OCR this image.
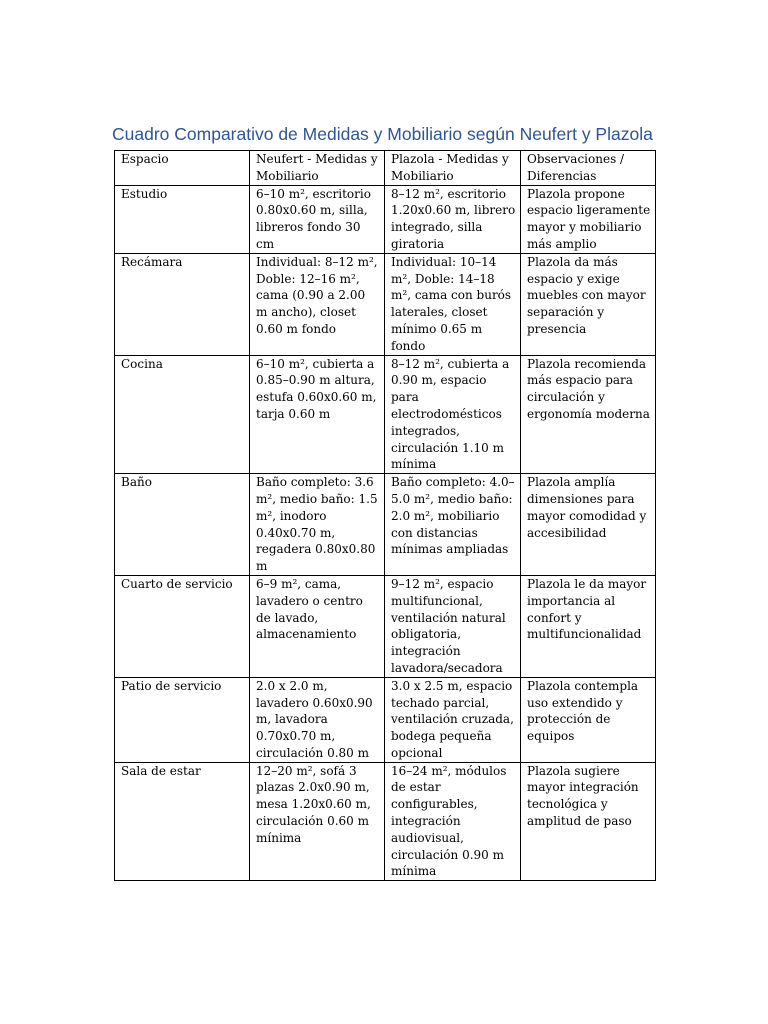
Cuadro Comparativo de Medidas y Mobiliario según Neufert y Plazola
Espacio	Neufert - Medidas y Mobiliario	Plazola - Medidas y Mobiliario	Observaciones / Diferencias
Estudio	6–10 m², escritorio 0.80x0.60 m, silla, libreros fondo 30 cm	8–12 m², escritorio 1.20x0.60 m, librero integrado, silla giratoria	Plazola propone espacio ligeramente mayor y mobiliario más amplio
Recámara	Individual: 8–12 m², Doble: 12–16 m², cama (0.90 a 2.00 m ancho), closet 0.60 m fondo	Individual: 10–14 m², Doble: 14–18 m², cama con burós laterales, closet mínimo 0.65 m fondo	Plazola da más espacio y exige muebles con mayor separación y presencia
Cocina	6–10 m², cubierta a 0.85–0.90 m altura, estufa 0.60x0.60 m, tarja 0.60 m	8–12 m², cubierta a 0.90 m, espacio para electrodomésticos integrados, circulación 1.10 m mínima	Plazola recomienda más espacio para circulación y ergonomía moderna
Baño	Baño completo: 3.6 m², medio baño: 1.5 m², inodoro 0.40x0.70 m, regadera 0.80x0.80 m	Baño completo: 4.0–5.0 m², medio baño: 2.0 m², mobiliario con distancias mínimas ampliadas	Plazola amplía dimensiones para mayor comodidad y accesibilidad
Cuarto de servicio	6–9 m², cama, lavadero o centro de lavado, almacenamiento	9–12 m², espacio multifuncional, ventilación natural obligatoria, integración lavadora/secadora	Plazola le da mayor importancia al confort y multifuncionalidad
Patio de servicio	2.0 x 2.0 m, lavadero 0.60x0.90 m, lavadora 0.70x0.70 m, circulación 0.80 m	3.0 x 2.5 m, espacio techado parcial, ventilación cruzada, bodega pequeña opcional	Plazola contempla uso extendido y protección de equipos
Sala de estar	12–20 m², sofá 3 plazas 2.0x0.90 m, mesa 1.20x0.60 m, circulación 0.60 m mínima	16–24 m², módulos de estar configurables, integración audiovisual, circulación 0.90 m mínima	Plazola sugiere mayor integración tecnológica y amplitud de paso
